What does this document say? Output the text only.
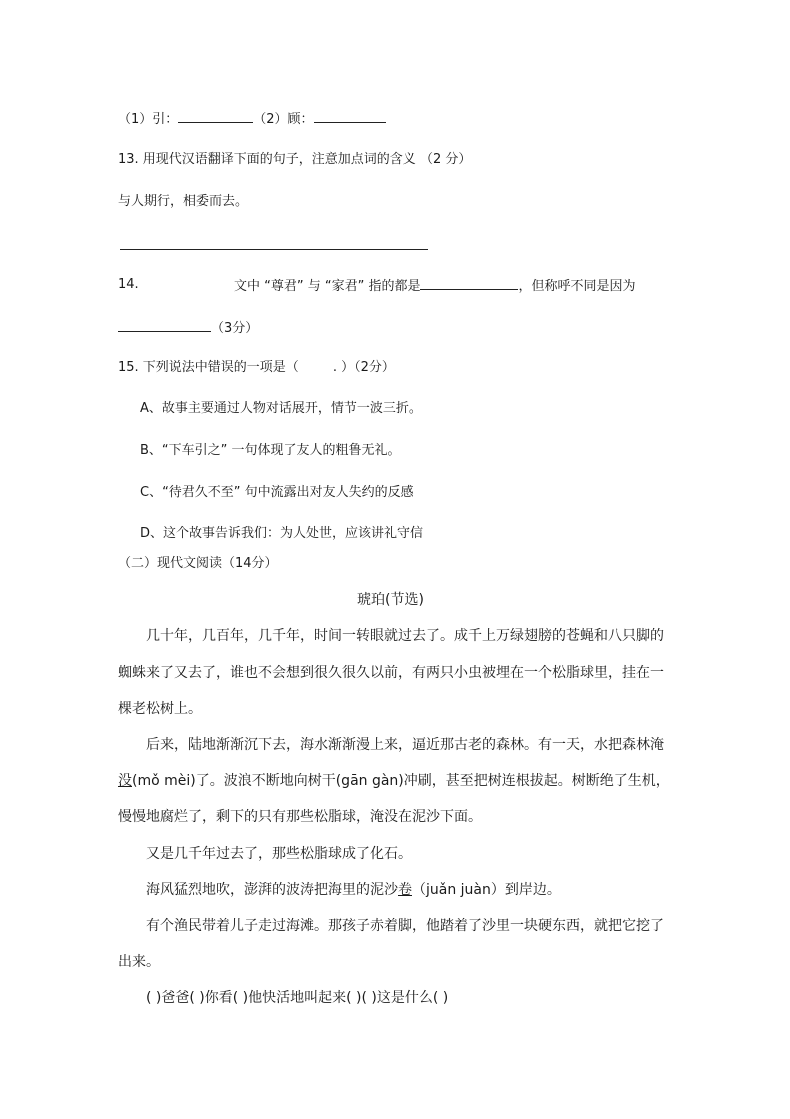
（1）引：	（2）顾：
13. 用现代汉语翻译下面的句子，注意加点词的含义 （2 分）
与人期行，相委而去。
14.	文中 “尊君” 与 “家君” 指的都是	，但称呼不同是因为
（3分）
15. 下列说法中错误的一项是（	. ）（2分）
A、故事主要通过人物对话展开，情节一波三折。
B、“下车引之” 一句体现了友人的粗鲁无礼。
C、“待君久不至” 句中流露出对友人失约的反感
D、这个故事告诉我们：为人处世，应该讲礼守信
（二）现代文阅读（14分）
琥珀(节选)
几十年，几百年，几千年，时间一转眼就过去了。成千上万绿翅膀的苍蝇和八只脚的
蜘蛛来了又去了，谁也不会想到很久很久以前，有两只小虫被埋在一个松脂球里，挂在一
棵老松树上。
后来，陆地渐渐沉下去，海水渐渐漫上来，逼近那古老的森林。有一天，水把森林淹
没(mǒ mèi)了。波浪不断地向树干(gān gàn)冲刷，甚至把树连根拔起。树断绝了生机，
慢慢地腐烂了，剩下的只有那些松脂球，淹没在泥沙下面。
又是几千年过去了，那些松脂球成了化石。
海风猛烈地吹，澎湃的波涛把海里的泥沙卷（juǎn juàn）到岸边。
有个渔民带着儿子走过海滩。那孩子赤着脚，他踏着了沙里一块硬东西，就把它挖了
出来。
( )爸爸( )你看( )他快活地叫起来( )( )这是什么( )
